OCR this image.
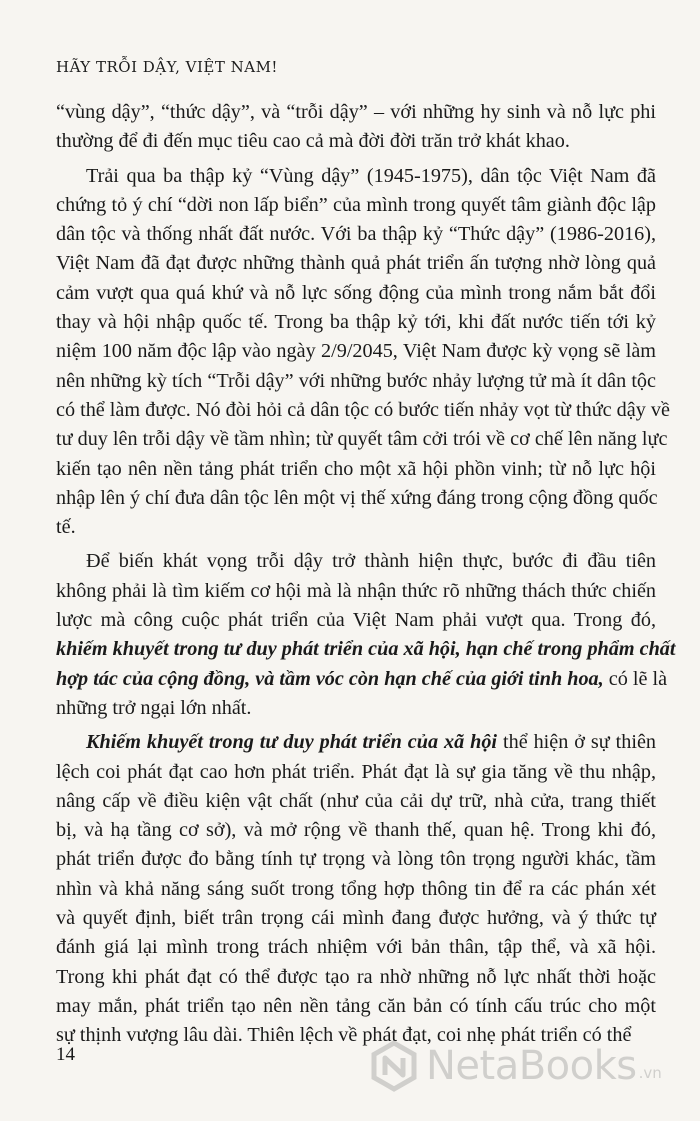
HÃY TRỖI DẬY, VIỆT NAM!
“vùng dậy”, “thức dậy”, và “trỗi dậy” – với những hy sinh và nỗ lực phi
thường để đi đến mục tiêu cao cả mà đời đời trăn trở khát khao.
Trải qua ba thập kỷ “Vùng dậy” (1945-1975), dân tộc Việt Nam đã
chứng tỏ ý chí “dời non lấp biển” của mình trong quyết tâm giành độc lập
dân tộc và thống nhất đất nước. Với ba thập kỷ “Thức dậy” (1986-2016),
Việt Nam đã đạt được những thành quả phát triển ấn tượng nhờ lòng quả
cảm vượt qua quá khứ và nỗ lực sống động của mình trong nắm bắt đổi
thay và hội nhập quốc tế. Trong ba thập kỷ tới, khi đất nước tiến tới kỷ
niệm 100 năm độc lập vào ngày 2/9/2045, Việt Nam được kỳ vọng sẽ làm
nên những kỳ tích “Trỗi dậy” với những bước nhảy lượng tử mà ít dân tộc
có thể làm được. Nó đòi hỏi cả dân tộc có bước tiến nhảy vọt từ thức dậy về
tư duy lên trỗi dậy về tầm nhìn; từ quyết tâm cởi trói về cơ chế lên năng lực
kiến tạo nên nền tảng phát triển cho một xã hội phồn vinh; từ nỗ lực hội
nhập lên ý chí đưa dân tộc lên một vị thế xứng đáng trong cộng đồng quốc
tế.
Để biến khát vọng trỗi dậy trở thành hiện thực, bước đi đầu tiên
không phải là tìm kiếm cơ hội mà là nhận thức rõ những thách thức chiến
lược mà công cuộc phát triển của Việt Nam phải vượt qua. Trong đó,
khiếm khuyết trong tư duy phát triển của xã hội, hạn chế trong phẩm chất
hợp tác của cộng đồng, và tầm vóc còn hạn chế của giới tinh hoa, có lẽ là
những trở ngại lớn nhất.
Khiếm khuyết trong tư duy phát triển của xã hội thể hiện ở sự thiên
lệch coi phát đạt cao hơn phát triển. Phát đạt là sự gia tăng về thu nhập,
nâng cấp về điều kiện vật chất (như của cải dự trữ, nhà cửa, trang thiết
bị, và hạ tầng cơ sở), và mở rộng về thanh thế, quan hệ. Trong khi đó,
phát triển được đo bằng tính tự trọng và lòng tôn trọng người khác, tầm
nhìn và khả năng sáng suốt trong tổng hợp thông tin để ra các phán xét
và quyết định, biết trân trọng cái mình đang được hưởng, và ý thức tự
đánh giá lại mình trong trách nhiệm với bản thân, tập thể, và xã hội.
Trong khi phát đạt có thể được tạo ra nhờ những nỗ lực nhất thời hoặc
may mắn, phát triển tạo nên nền tảng căn bản có tính cấu trúc cho một
sự thịnh vượng lâu dài. Thiên lệch về phát đạt, coi nhẹ phát triển có thể
14	NetaBooks .vn
